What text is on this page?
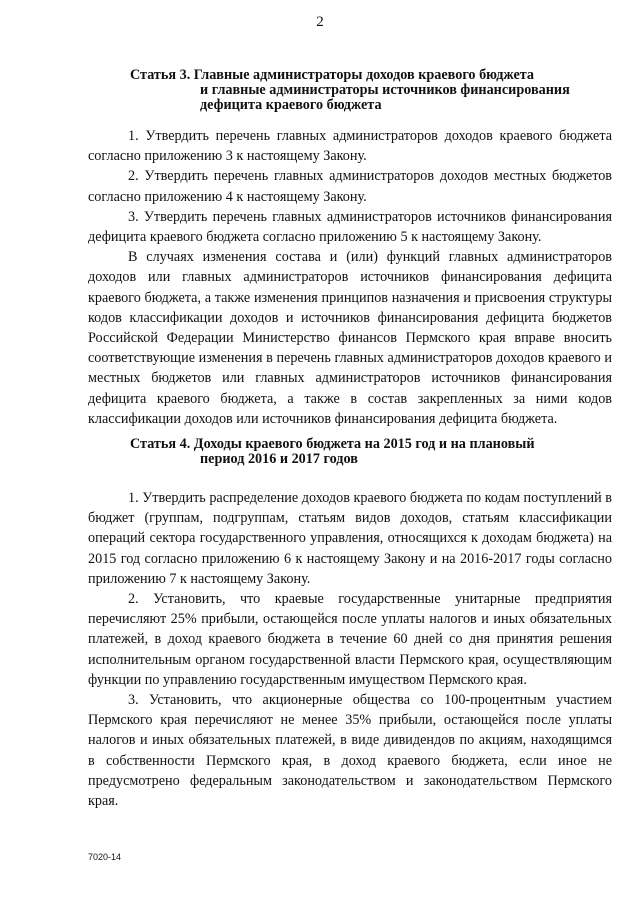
2
Статья 3. Главные администраторы доходов краевого бюджета
и главные администраторы источников финансирования
дефицита краевого бюджета

1. Утвердить перечень главных администраторов доходов краевого бюджета согласно приложению 3 к настоящему Закону.

2. Утвердить перечень главных администраторов доходов местных бюджетов согласно приложению 4 к настоящему Закону.

3. Утвердить перечень главных администраторов источников финансирования дефицита краевого бюджета согласно приложению 5 к настоящему Закону.

В случаях изменения состава и (или) функций главных администраторов доходов или главных администраторов источников финансирования дефицита краевого бюджета, а также изменения принципов назначения и присвоения структуры кодов классификации доходов и источников финансирования дефицита бюджетов Российской Федерации Министерство финансов Пермского края вправе вносить соответствующие изменения в перечень главных администраторов доходов краевого и местных бюджетов или главных администраторов источников финансирования дефицита краевого бюджета, а также в состав закрепленных за ними кодов классификации доходов или источников финансирования дефицита бюджета.

Статья 4. Доходы краевого бюджета на 2015 год и на плановый
период 2016 и 2017 годов

1. Утвердить распределение доходов краевого бюджета по кодам поступлений в бюджет (группам, подгруппам, статьям видов доходов, статьям классификации операций сектора государственного управления, относящихся к доходам бюджета) на 2015 год согласно приложению 6 к настоящему Закону и на 2016-2017 годы согласно приложению 7 к настоящему Закону.

2. Установить, что краевые государственные унитарные предприятия перечисляют 25% прибыли, остающейся после уплаты налогов и иных обязательных платежей, в доход краевого бюджета в течение 60 дней со дня принятия решения исполнительным органом государственной власти Пермского края, осуществляющим функции по управлению государственным имуществом Пермского края.

3. Установить, что акционерные общества со 100-процентным участием Пермского края перечисляют не менее 35% прибыли, остающейся после уплаты налогов и иных обязательных платежей, в виде дивидендов по акциям, находящимся в собственности Пермского края, в доход краевого бюджета, если иное не предусмотрено федеральным законодательством и законодательством Пермского края.

7020-14
